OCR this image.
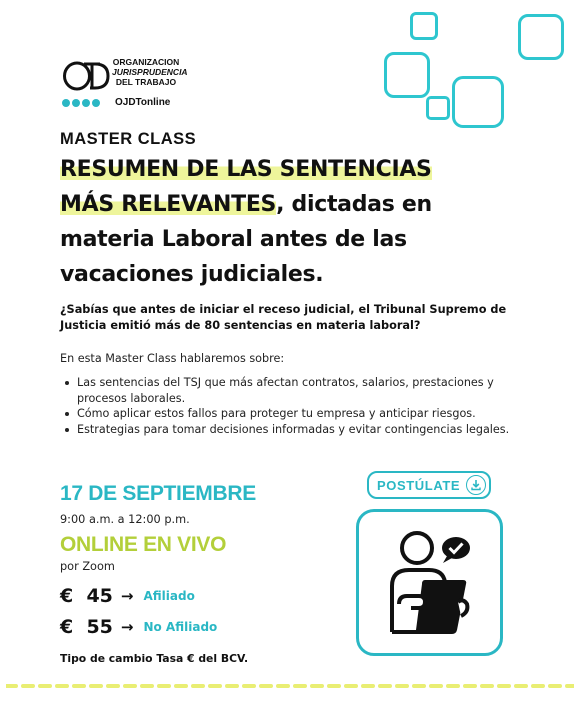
ORGANIZACION
JURISPRUDENCIA
DEL TRABAJO
OJDTonline
MASTER CLASS
RESUMEN DE LAS SENTENCIAS
MÁS RELEVANTES, dictadas en
materia Laboral antes de las
vacaciones judiciales.
¿Sabías que antes de iniciar el receso judicial, el Tribunal Supremo de Justicia emitió más de 80 sentencias en materia laboral?
En esta Master Class hablaremos sobre:
Las sentencias del TSJ que más afectan contratos, salarios, prestaciones y procesos laborales.
Cómo aplicar estos fallos para proteger tu empresa y anticipar riesgos.
Estrategias para tomar decisiones informadas y evitar contingencias legales.
17 DE SEPTIEMBRE
9:00 a.m. a 12:00 p.m.
ONLINE EN VIVO
por Zoom
€  45 → Afiliado
€  55 → No Afiliado
Tipo de cambio Tasa € del BCV.
POSTÚLATE
